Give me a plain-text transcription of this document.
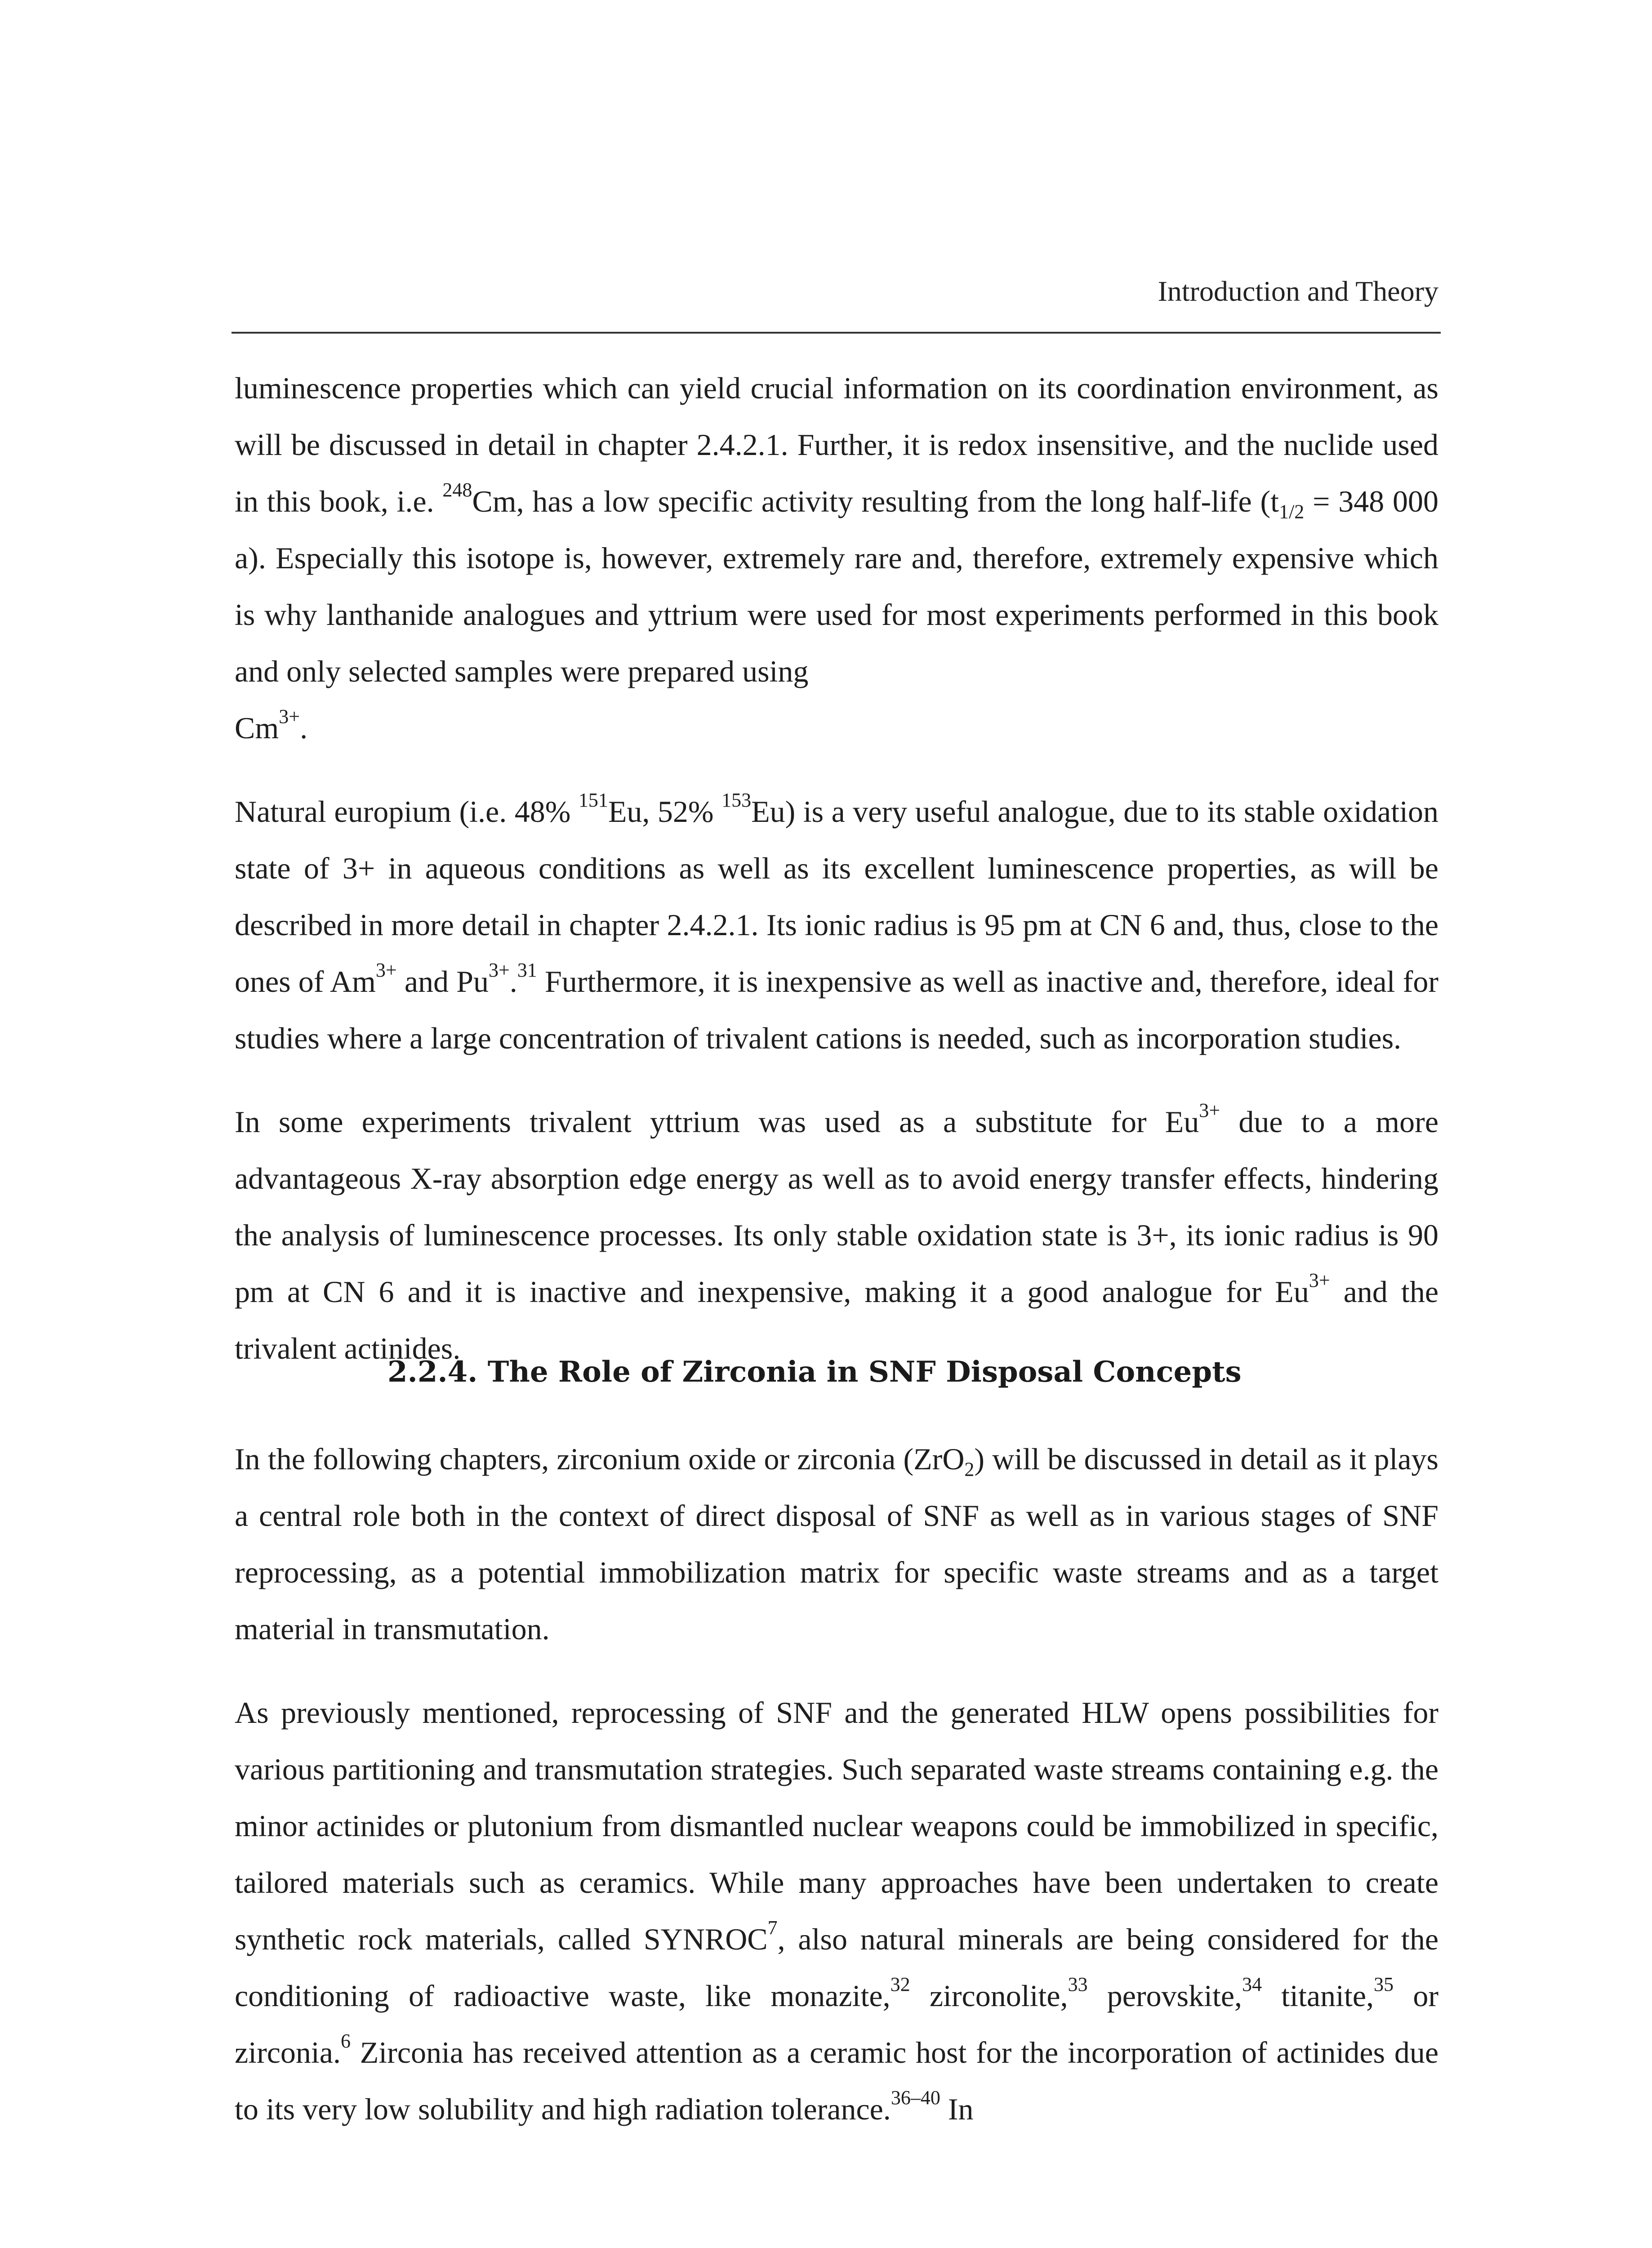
Introduction and Theory

luminescence properties which can yield crucial information on its coordination environment, as will be discussed in detail in chapter 2.4.2.1. Further, it is redox insensitive, and the nuclide used in this book, i.e. $^{248}$Cm, has a low specific activity resulting from the long half-life ($t_{1/2} = 348$ 000 a). Especially this isotope is, however, extremely rare and, therefore, extremely expensive which is why lanthanide analogues and yttrium were used for most experiments performed in this book and only selected samples were prepared using
$Cm^{3+}$.

Natural europium (i.e. 48% $^{151}$Eu, 52% $^{153}$Eu) is a very useful analogue, due to its stable oxidation state of 3+ in aqueous conditions as well as its excellent luminescence properties, as will be described in more detail in chapter 2.4.2.1. Its ionic radius is 95 pm at CN 6 and, thus, close to the ones of $Am^{3+}$ and $Pu^{3+}.^{31}$ Furthermore, it is inexpensive as well as inactive and, therefore, ideal for studies where a large concentration of trivalent cations is needed, such as incorporation studies.

In some experiments trivalent yttrium was used as a substitute for $Eu^{3+}$ due to a more advantageous X-ray absorption edge energy as well as to avoid energy transfer effects, hindering the analysis of luminescence processes. Its only stable oxidation state is 3+, its ionic radius is 90 pm at CN 6 and it is inactive and inexpensive, making it a good analogue for $Eu^{3+}$ and the trivalent actinides.

2.2.4. The Role of Zirconia in SNF Disposal Concepts

In the following chapters, zirconium oxide or zirconia (ZrO$_2$) will be discussed in detail as it plays a central role both in the context of direct disposal of SNF as well as in various stages of SNF reprocessing, as a potential immobilization matrix for specific waste streams and as a target material in transmutation.

As previously mentioned, reprocessing of SNF and the generated HLW opens possibilities for various partitioning and transmutation strategies. Such separated waste streams containing e.g. the minor actinides or plutonium from dismantled nuclear weapons could be immobilized in specific, tailored materials such as ceramics. While many approaches have been undertaken to create synthetic rock materials, called SYNROC$^7$, also natural minerals are being considered for the conditioning of radioactive waste, like monazite,$^{32}$ zirconolite,$^{33}$ perovskite,$^{34}$ titanite,$^{35}$ or zirconia.$^6$ Zirconia has received attention as a ceramic host for the incorporation of actinides due to its very low solubility and high radiation tolerance.$^{36-40}$ In
